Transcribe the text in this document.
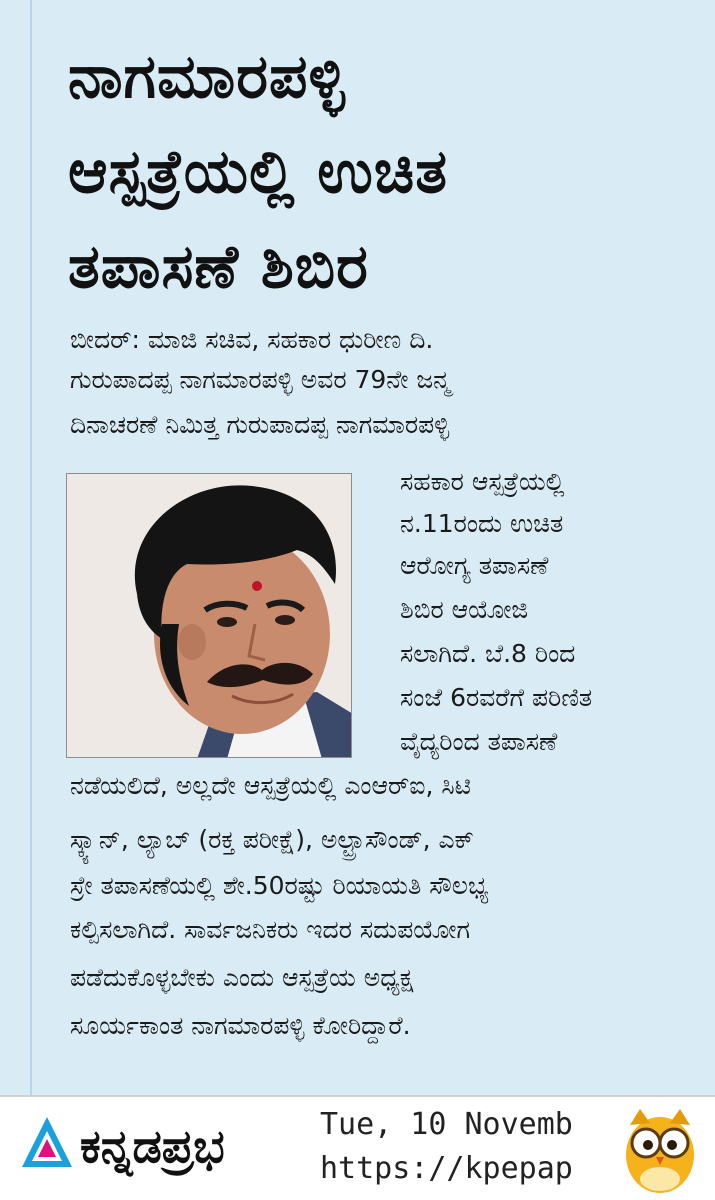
ನಾಗಮಾರಪಳ್ಳಿ
ಆಸ್ಪತ್ರೆಯಲ್ಲಿ ಉಚಿತ
ತಪಾಸಣೆ ಶಿಬಿರ
ಬೀದರ್: ಮಾಜಿ ಸಚಿವ, ಸಹಕಾರ ಧುರೀಣ ದಿ.
ಗುರುಪಾದಪ್ಪ ನಾಗಮಾರಪಳ್ಳಿ ಅವರ 79ನೇ ಜನ್ಮ
ದಿನಾಚರಣೆ ನಿಮಿತ್ತ ಗುರುಪಾದಪ್ಪ ನಾಗಮಾರಪಳ್ಳಿ
ಸಹಕಾರ ಆಸ್ಪತ್ರೆಯಲ್ಲಿ
ನ.11ರಂದು ಉಚಿತ
ಆರೋಗ್ಯ ತಪಾಸಣೆ
ಶಿಬಿರ ಆಯೋಜಿ
ಸಲಾಗಿದೆ. ಬೆ.8 ರಿಂದ
ಸಂಜೆ 6ರವರೆಗೆ ಪರಿಣಿತ
ವೈದ್ಯರಿಂದ ತಪಾಸಣೆ
ನಡೆಯಲಿದೆ, ಅಲ್ಲದೇ ಆಸ್ಪತ್ರೆಯಲ್ಲಿ ಎಂಆರ್‌ಐ, ಸಿಟಿ
ಸ್ಕ್ಯಾನ್, ಲ್ಯಾಬ್ (ರಕ್ತ ಪರೀಕ್ಷೆ), ಅಲ್ಟ್ರಾಸೌಂಡ್, ಎಕ್
ಸ್ರೇ ತಪಾಸಣೆಯಲ್ಲಿ ಶೇ.50ರಷ್ಟು ರಿಯಾಯತಿ ಸೌಲಭ್ಯ
ಕಲ್ಪಿಸಲಾಗಿದೆ. ಸಾರ್ವಜನಿಕರು ಇದರ ಸದುಪಯೋಗ
ಪಡೆದುಕೊಳ್ಳಬೇಕು ಎಂದು ಆಸ್ಪತ್ರೆಯ ಅಧ್ಯಕ್ಷ
ಸೂರ್ಯಕಾಂತ ನಾಗಮಾರಪಳ್ಳಿ ಕೋರಿದ್ದಾರೆ.
ಕನ್ನಡಪ್ರಭ	Tue, 10 Novemb
https://kpepap
